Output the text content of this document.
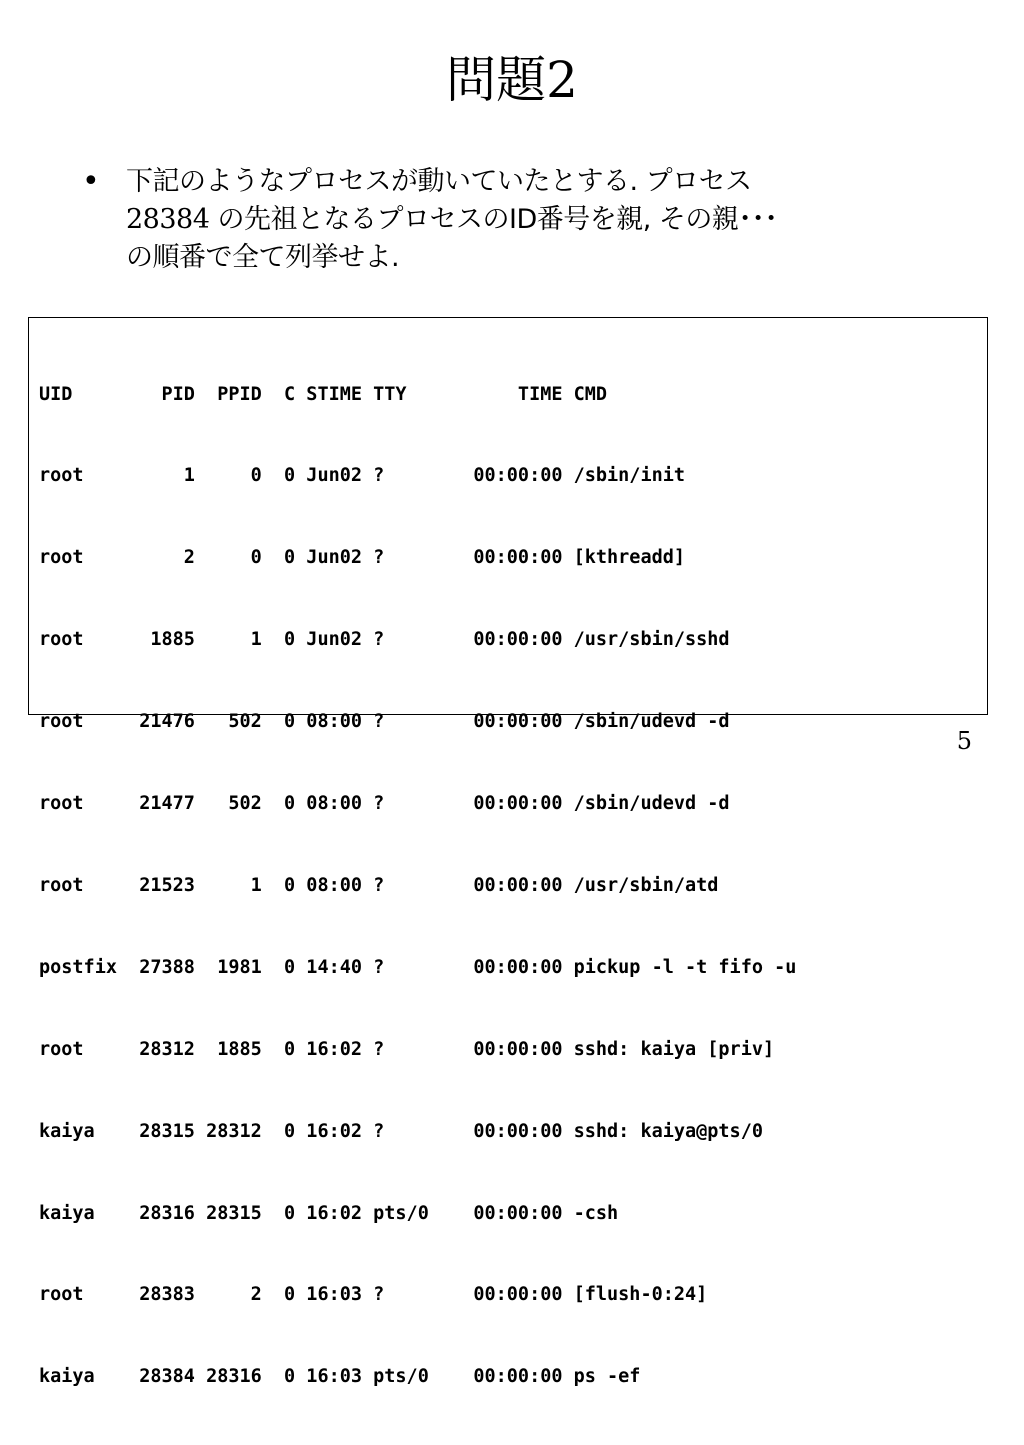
問題2
• 下記のようなプロセスが動いていたとする. プロセス
28384 の先祖となるプロセスのID番号を親, その親･･･
の順番で全て列挙せよ.

UID        PID  PPID  C STIME TTY          TIME CMD

root         1     0  0 Jun02 ?        00:00:00 /sbin/init

root         2     0  0 Jun02 ?        00:00:00 [kthreadd]

root      1885     1  0 Jun02 ?        00:00:00 /usr/sbin/sshd

root     21476   502  0 08:00 ?        00:00:00 /sbin/udevd -d

root     21477   502  0 08:00 ?        00:00:00 /sbin/udevd -d

root     21523     1  0 08:00 ?        00:00:00 /usr/sbin/atd

postfix  27388  1981  0 14:40 ?        00:00:00 pickup -l -t fifo -u

root     28312  1885  0 16:02 ?        00:00:00 sshd: kaiya [priv]

kaiya    28315 28312  0 16:02 ?        00:00:00 sshd: kaiya@pts/0

kaiya    28316 28315  0 16:02 pts/0    00:00:00 -csh

root     28383     2  0 16:03 ?        00:00:00 [flush-0:24]

kaiya    28384 28316  0 16:03 pts/0    00:00:00 ps -ef

5
